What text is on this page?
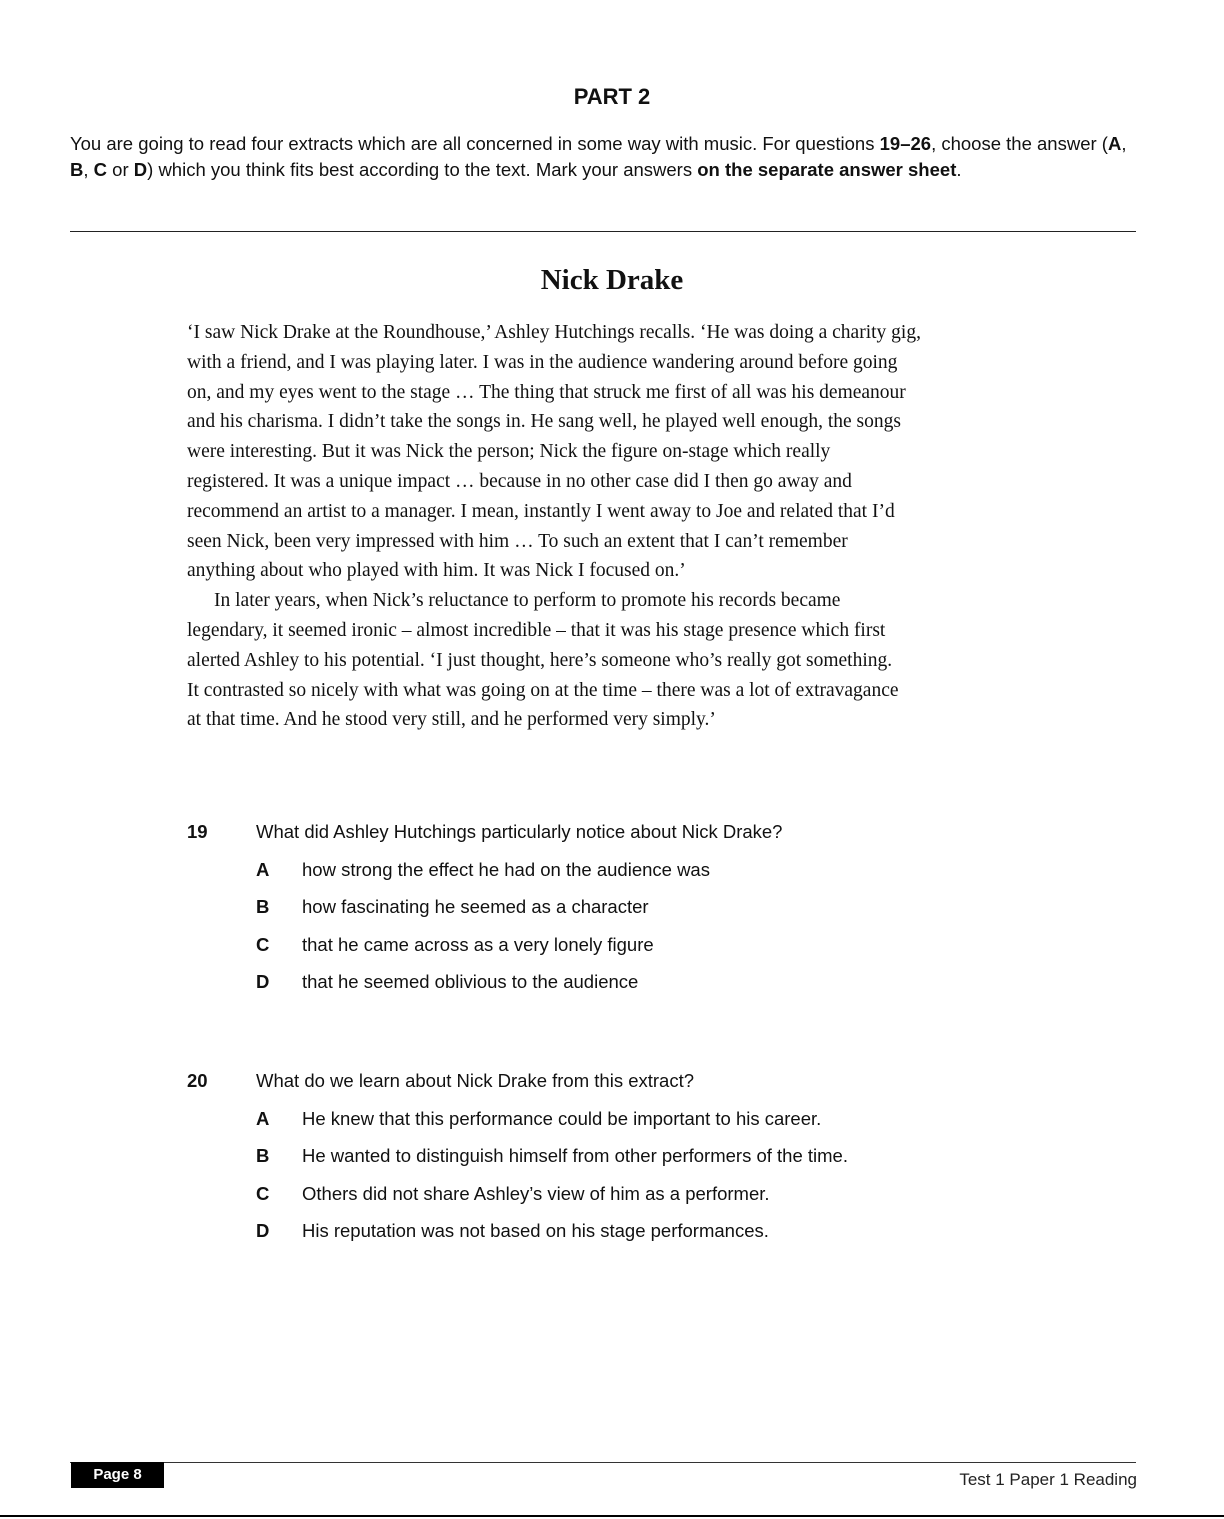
PART 2
You are going to read four extracts which are all concerned in some way with music. For questions 19–26, choose the answer (A, B, C or D) which you think fits best according to the text. Mark your answers on the separate answer sheet.
Nick Drake
‘I saw Nick Drake at the Roundhouse,’ Ashley Hutchings recalls. ‘He was doing a charity gig,
with a friend, and I was playing later. I was in the audience wandering around before going
on, and my eyes went to the stage … The thing that struck me first of all was his demeanour
and his charisma. I didn’t take the songs in. He sang well, he played well enough, the songs
were interesting. But it was Nick the person; Nick the figure on-stage which really
registered. It was a unique impact … because in no other case did I then go away and
recommend an artist to a manager. I mean, instantly I went away to Joe and related that I’d
seen Nick, been very impressed with him … To such an extent that I can’t remember
anything about who played with him. It was Nick I focused on.’
In later years, when Nick’s reluctance to perform to promote his records became
legendary, it seemed ironic – almost incredible – that it was his stage presence which first
alerted Ashley to his potential. ‘I just thought, here’s someone who’s really got something.
It contrasted so nicely with what was going on at the time – there was a lot of extravagance
at that time. And he stood very still, and he performed very simply.’
19	What did Ashley Hutchings particularly notice about Nick Drake?
A how strong the effect he had on the audience was
B how fascinating he seemed as a character
C that he came across as a very lonely figure
D that he seemed oblivious to the audience
20	What do we learn about Nick Drake from this extract?
A He knew that this performance could be important to his career.
B He wanted to distinguish himself from other performers of the time.
C Others did not share Ashley’s view of him as a performer.
D His reputation was not based on his stage performances.
Page 8	Test 1 Paper 1 Reading
